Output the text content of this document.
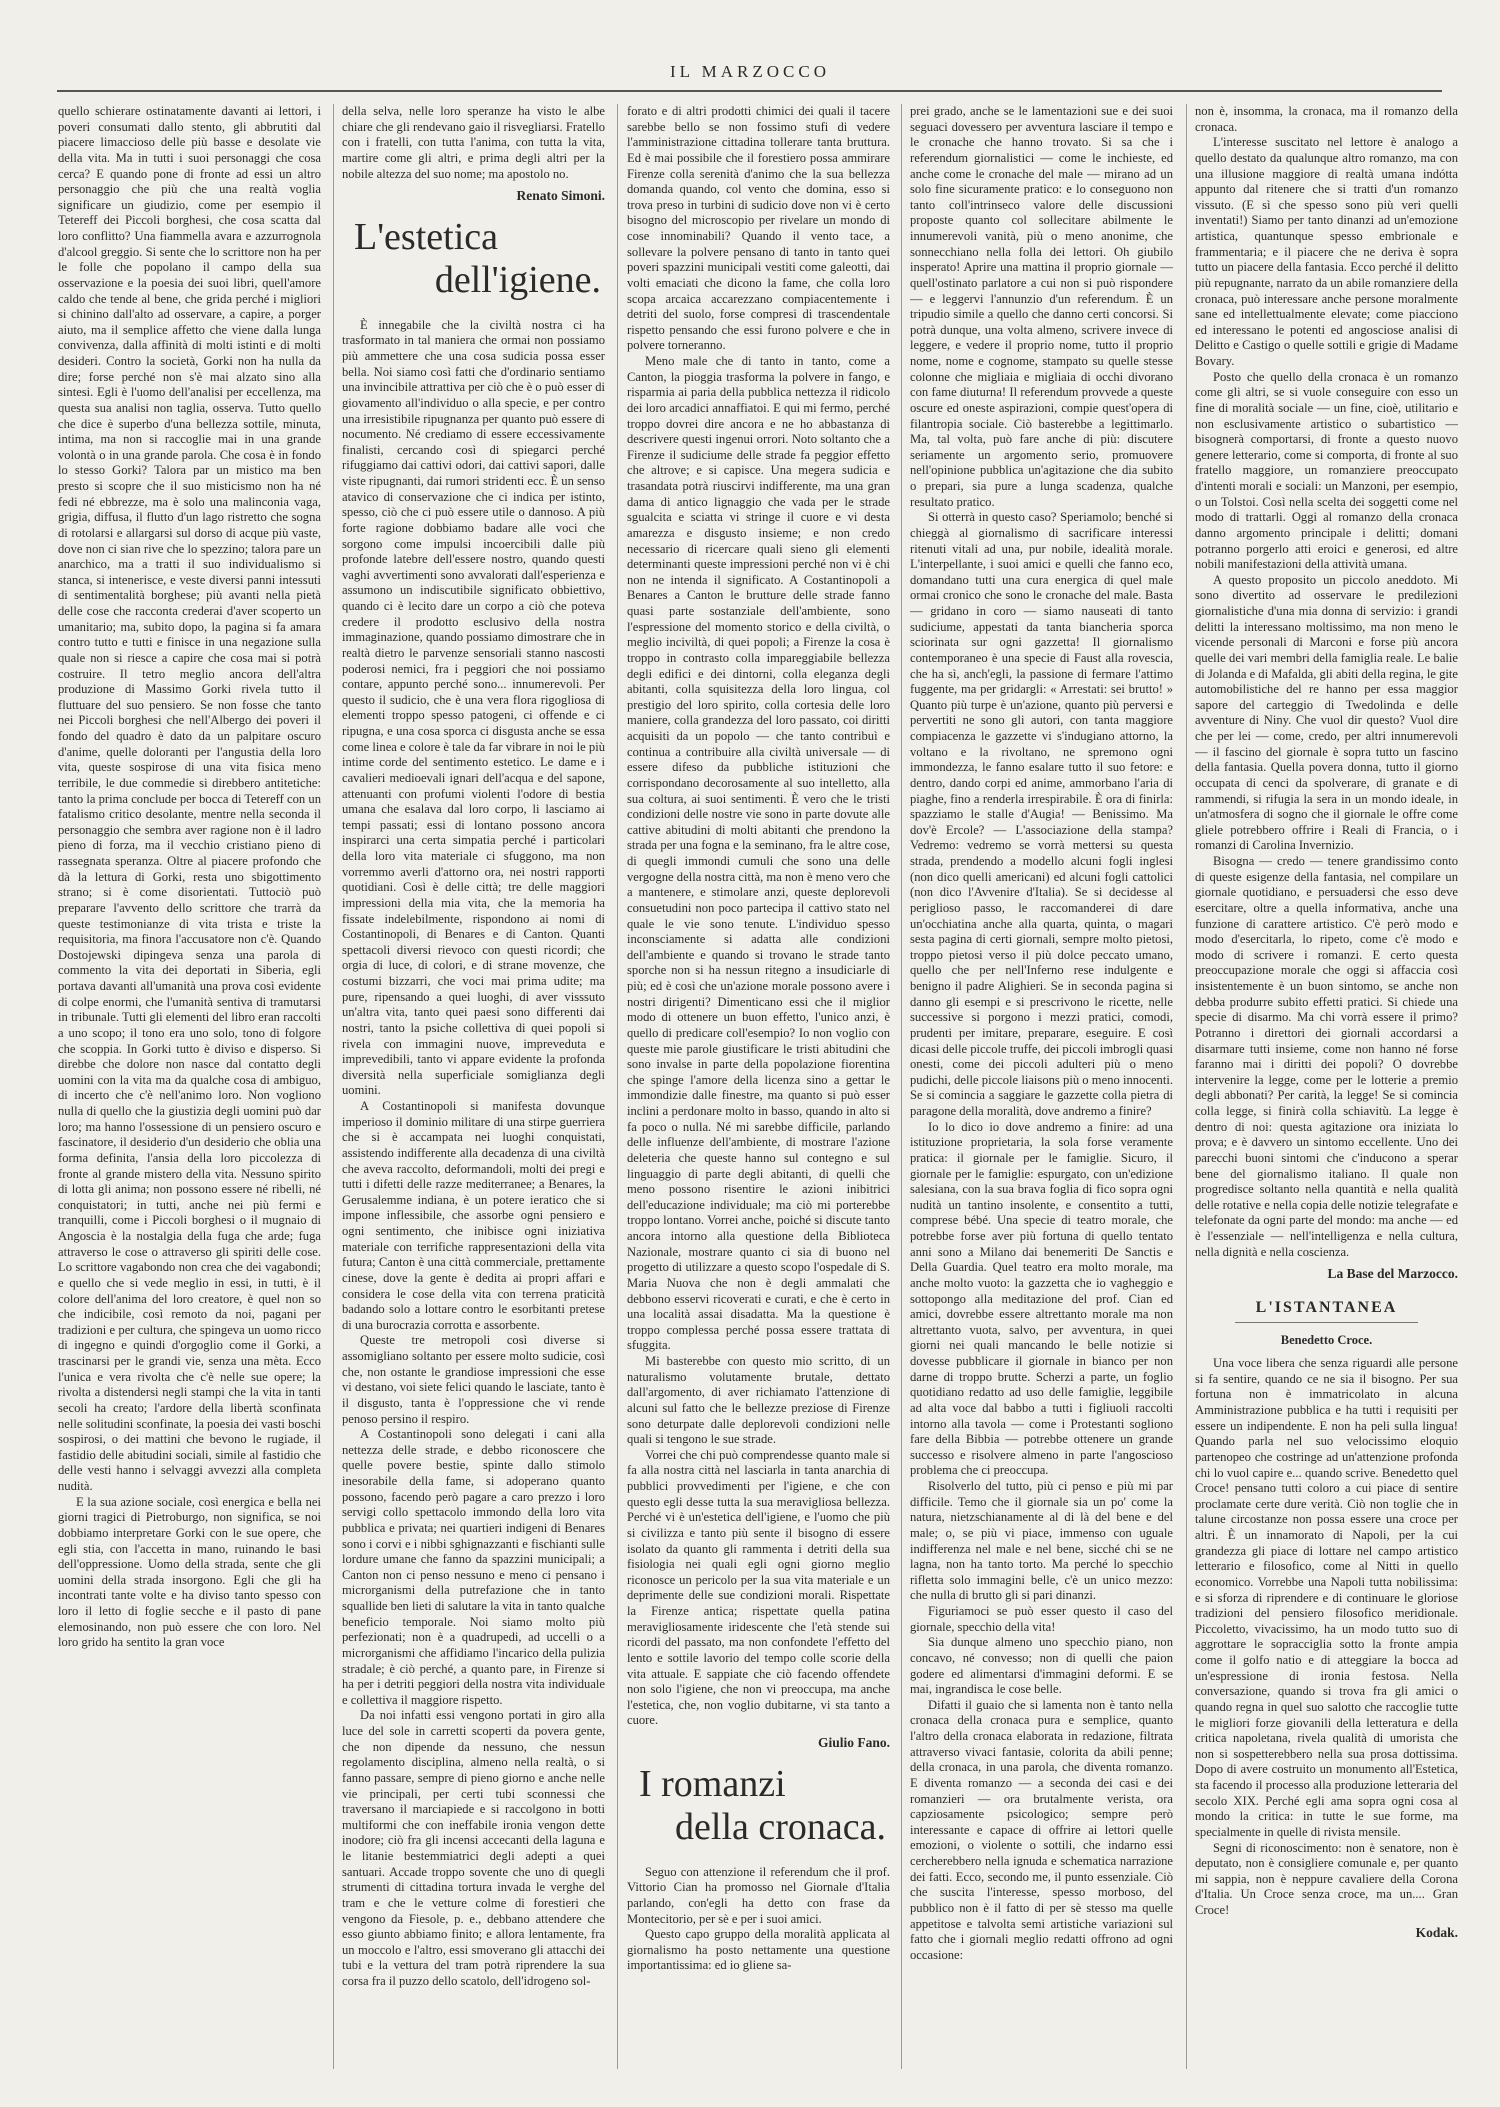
IL MARZOCCO

quello schierare ostinatamente davanti ai lettori, i poveri consumati dallo stento, gli abbrutiti dal piacere limaccioso delle più basse e desolate vie della vita. Ma in tutti i suoi personaggi che cosa cerca? E quando pone di fronte ad essi un altro personaggio che più che una realtà voglia significare un giudizio, come per esempio il Tetereff dei Piccoli borghesi, che cosa scatta dal loro conflitto? Una fiammella avara e azzurrognola d'alcool greggio. Si sente che lo scrittore non ha per le folle che popolano il campo della sua osservazione e la poesia dei suoi libri, quell'amore caldo che tende al bene, che grida perché i migliori si chinino dall'alto ad osservare, a capire, a porger aiuto, ma il semplice affetto che viene dalla lunga convivenza, dalla affinità di molti istinti e di molti desideri. Contro la società, Gorki non ha nulla da dire; forse perché non s'è mai alzato sino alla sintesi. Egli è l'uomo dell'analisi per eccellenza, ma questa sua analisi non taglia, osserva. Tutto quello che dice è superbo d'una bellezza sottile, minuta, intima, ma non si raccoglie mai in una grande volontà o in una grande parola. Che cosa è in fondo lo stesso Gorki? Talora par un mistico ma ben presto si scopre che il suo misticismo non ha né fedi né ebbrezze, ma è solo una malinconia vaga, grigia, diffusa, il flutto d'un lago ristretto che sogna di rotolarsi e allargarsi sul dorso di acque più vaste, dove non ci sian rive che lo spezzino; talora pare un anarchico, ma a tratti il suo individualismo si stanca, si intenerisce, e veste diversi panni intessuti di sentimentalità borghese; più avanti nella pietà delle cose che racconta crederai d'aver scoperto un umanitario; ma, subito dopo, la pagina si fa amara contro tutto e tutti e finisce in una negazione sulla quale non si riesce a capire che cosa mai si potrà costruire. Il tetro meglio ancora dell'altra produzione di Massimo Gorki rivela tutto il fluttuare del suo pensiero. Se non fosse che tanto nei Piccoli borghesi che nell'Albergo dei poveri il fondo del quadro è dato da un palpitare oscuro d'anime, quelle doloranti per l'angustia della loro vita, queste sospirose di una vita fisica meno terribile, le due commedie si direbbero antitetiche: tanto la prima conclude per bocca di Tetereff con un fatalismo critico desolante, mentre nella seconda il personaggio che sembra aver ragione non è il ladro pieno di forza, ma il vecchio cristiano pieno di rassegnata speranza. Oltre al piacere profondo che dà la lettura di Gorki, resta uno sbigottimento strano; si è come disorientati. Tuttociò può preparare l'avvento dello scrittore che trarrà da queste testimonianze di vita trista e triste la requisitoria, ma finora l'accusatore non c'è. Quando Dostojewski dipingeva senza una parola di commento la vita dei deportati in Siberia, egli portava davanti all'umanità una prova così evidente di colpe enormi, che l'umanità sentiva di tramutarsi in tribunale. Tutti gli elementi del libro eran raccolti a uno scopo; il tono era uno solo, tono di folgore che scoppia. In Gorki tutto è diviso e disperso. Si direbbe che dolore non nasce dal contatto degli uomini con la vita ma da qualche cosa di ambiguo, di incerto che c'è nell'animo loro. Non vogliono nulla di quello che la giustizia degli uomini può dar loro; ma hanno l'ossessione di un pensiero oscuro e fascinatore, il desiderio d'un desiderio che oblia una forma definita, l'ansia della loro piccolezza di fronte al grande mistero della vita. Nessuno spirito di lotta gli anima; non possono essere né ribelli, né conquistatori; in tutti, anche nei più fermi e tranquilli, come i Piccoli borghesi o il mugnaio di Angoscia è la nostalgia della fuga che arde; fuga attraverso le cose o attraverso gli spiriti delle cose. Lo scrittore vagabondo non crea che dei vagabondi; e quello che si vede meglio in essi, in tutti, è il colore dell'anima del loro creatore, è quel non so che indicibile, così remoto da noi, pagani per tradizioni e per cultura, che spingeva un uomo ricco di ingegno e quindi d'orgoglio come il Gorki, a trascinarsi per le grandi vie, senza una mèta. Ecco l'unica e vera rivolta che c'è nelle sue opere; la rivolta a distendersi negli stampi che la vita in tanti secoli ha creato; l'ardore della libertà sconfinata nelle solitudini sconfinate, la poesia dei vasti boschi sospirosi, o dei mattini che bevono le rugiade, il fastidio delle abitudini sociali, simile al fastidio che delle vesti hanno i selvaggi avvezzi alla completa nudità.

E la sua azione sociale, così energica e bella nei giorni tragici di Pietroburgo, non significa, se noi dobbiamo interpretare Gorki con le sue opere, che egli stia, con l'accetta in mano, ruinando le basi dell'oppressione. Uomo della strada, sente che gli uomini della strada insorgono. Egli che gli ha incontrati tante volte e ha diviso tanto spesso con loro il letto di foglie secche e il pasto di pane elemosinando, non può essere che con loro. Nel loro grido ha sentito la gran voce

della selva, nelle loro speranze ha visto le albe chiare che gli rendevano gaio il risvegliarsi. Fratello con i fratelli, con tutta l'anima, con tutta la vita, martire come gli altri, e prima degli altri per la nobile altezza del suo nome; ma apostolo no.

Renato Simoni.
L'estetica
dell'igiene.

È innegabile che la civiltà nostra ci ha trasformato in tal maniera che ormai non possiamo più ammettere che una cosa sudicia possa esser bella. Noi siamo così fatti che d'ordinario sentiamo una invincibile attrattiva per ciò che è o può esser di giovamento all'individuo o alla specie, e per contro una irresistibile ripugnanza per quanto può essere di nocumento. Né crediamo di essere eccessivamente finalisti, cercando così di spiegarci perché rifuggiamo dai cattivi odori, dai cattivi sapori, dalle viste ripugnanti, dai rumori stridenti ecc. È un senso atavico di conservazione che ci indica per istinto, spesso, ciò che ci può essere utile o dannoso. A più forte ragione dobbiamo badare alle voci che sorgono come impulsi incoercibili dalle più profonde latebre dell'essere nostro, quando questi vaghi avvertimenti sono avvalorati dall'esperienza e assumono un indiscutibile significato obbiettivo, quando ci è lecito dare un corpo a ciò che poteva credere il prodotto esclusivo della nostra immaginazione, quando possiamo dimostrare che in realtà dietro le parvenze sensoriali stanno nascosti poderosi nemici, fra i peggiori che noi possiamo contare, appunto perché sono... innumerevoli. Per questo il sudicio, che è una vera flora rigogliosa di elementi troppo spesso patogeni, ci offende e ci ripugna, e una cosa sporca ci disgusta anche se essa come linea e colore è tale da far vibrare in noi le più intime corde del sentimento estetico. Le dame e i cavalieri medioevali ignari dell'acqua e del sapone, attenuanti con profumi violenti l'odore di bestia umana che esalava dal loro corpo, li lasciamo ai tempi passati; essi di lontano possono ancora inspirarci una certa simpatia perché i particolari della loro vita materiale ci sfuggono, ma non vorremmo averli d'attorno ora, nei nostri rapporti quotidiani. Così è delle città; tre delle maggiori impressioni della mia vita, che la memoria ha fissate indelebilmente, rispondono ai nomi di Costantinopoli, di Benares e di Canton. Quanti spettacoli diversi rievoco con questi ricordi; che orgia di luce, di colori, e di strane movenze, che costumi bizzarri, che voci mai prima udite; ma pure, ripensando a quei luoghi, di aver visssuto un'altra vita, tanto quei paesi sono differenti dai nostri, tanto la psiche collettiva di quei popoli si rivela con immagini nuove, impreveduta e imprevedibili, tanto vi appare evidente la profonda diversità nella superficiale somiglianza degli uomini.

A Costantinopoli si manifesta dovunque imperioso il dominio militare di una stirpe guerriera che si è accampata nei luoghi conquistati, assistendo indifferente alla decadenza di una civiltà che aveva raccolto, deformandoli, molti dei pregi e tutti i difetti delle razze mediterranee; a Benares, la Gerusalemme indiana, è un potere ieratico che si impone inflessibile, che assorbe ogni pensiero e ogni sentimento, che inibisce ogni iniziativa materiale con terrifiche rappresentazioni della vita futura; Canton è una città commerciale, prettamente cinese, dove la gente è dedita ai propri affari e considera le cose della vita con terrena praticità badando solo a lottare contro le esorbitanti pretese di una burocrazia corrotta e assorbente.

Queste tre metropoli così diverse si assomigliano soltanto per essere molto sudicie, così che, non ostante le grandiose impressioni che esse vi destano, voi siete felici quando le lasciate, tanto è il disgusto, tanta è l'oppressione che vi rende penoso persino il respiro.

A Costantinopoli sono delegati i cani alla nettezza delle strade, e debbo riconoscere che quelle povere bestie, spinte dallo stimolo inesorabile della fame, si adoperano quanto possono, facendo però pagare a caro prezzo i loro servigi collo spettacolo immondo della loro vita pubblica e privata; nei quartieri indigeni di Benares sono i corvi e i nibbi sghignazzanti e fischianti sulle lordure umane che fanno da spazzini municipali; a Canton non ci penso nessuno e meno ci pensano i microrganismi della putrefazione che in tanto squallide ben lieti di salutare la vita in tanto qualche beneficio temporale. Noi siamo molto più perfezionati; non è a quadrupedi, ad uccelli o a microrganismi che affidiamo l'incarico della pulizia stradale; è ciò perché, a quanto pare, in Firenze si ha per i detriti peggiori della nostra vita individuale e collettiva il maggiore rispetto.

Da noi infatti essi vengono portati in giro alla luce del sole in carretti scoperti da povera gente, che non dipende da nessuno, che nessun regolamento disciplina, almeno nella realtà, o si fanno passare, sempre di pieno giorno e anche nelle vie principali, per certi tubi sconnessi che traversano il marciapiede e si raccolgono in botti multiformi che con ineffabile ironia vengon dette inodore; ciò fra gli incensi accecanti della laguna e le litanie bestemmiatrici degli adepti a quei santuari. Accade troppo sovente che uno di quegli strumenti di cittadina tortura invada le verghe del tram e che le vetture colme di forestieri che vengono da Fiesole, p. e., debbano attendere che esso giunto abbiamo finito; e allora lentamente, fra un moccolo e l'altro, essi smoverano gli attacchi dei tubi e la vettura del tram potrà riprendere la sua corsa fra il puzzo dello scatolo, dell'idrogeno sol-

forato e di altri prodotti chimici dei quali il tacere sarebbe bello se non fossimo stufi di vedere l'amministrazione cittadina tollerare tanta bruttura. Ed è mai possibile che il forestiero possa ammirare Firenze colla serenità d'animo che la sua bellezza domanda quando, col vento che domina, esso si trova preso in turbini di sudicio dove non vi è certo bisogno del microscopio per rivelare un mondo di cose innominabili? Quando il vento tace, a sollevare la polvere pensano di tanto in tanto quei poveri spazzini municipali vestiti come galeotti, dai volti emaciati che dicono la fame, che colla loro scopa arcaica accarezzano compiacentemente i detriti del suolo, forse compresi di trascendentale rispetto pensando che essi furono polvere e che in polvere torneranno.

Meno male che di tanto in tanto, come a Canton, la pioggia trasforma la polvere in fango, e risparmia ai paria della pubblica nettezza il ridicolo dei loro arcadici annaffiatoi. E qui mi fermo, perché troppo dovrei dire ancora e ne ho abbastanza di descrivere questi ingenui orrori. Noto soltanto che a Firenze il sudiciume delle strade fa peggior effetto che altrove; e si capisce. Una megera sudicia e trasandata potrà riuscirvi indifferente, ma una gran dama di antico lignaggio che vada per le strade sgualcita e sciatta vi stringe il cuore e vi desta amarezza e disgusto insieme; e non credo necessario di ricercare quali sieno gli elementi determinanti queste impressioni perché non vi è chi non ne intenda il significato. A Costantinopoli a Benares a Canton le brutture delle strade fanno quasi parte sostanziale dell'ambiente, sono l'espressione del momento storico e della civiltà, o meglio inciviltà, di quei popoli; a Firenze la cosa è troppo in contrasto colla impareggiabile bellezza degli edifici e dei dintorni, colla eleganza degli abitanti, colla squisitezza della loro lingua, col prestigio del loro spirito, colla cortesia delle loro maniere, colla grandezza del loro passato, coi diritti acquisiti da un popolo — che tanto contribuì e continua a contribuire alla civiltà universale — di essere difeso da pubbliche istituzioni che corrispondano decorosamente al suo intelletto, alla sua coltura, ai suoi sentimenti. È vero che le tristi condizioni delle nostre vie sono in parte dovute alle cattive abitudini di molti abitanti che prendono la strada per una fogna e la seminano, fra le altre cose, di quegli immondi cumuli che sono una delle vergogne della nostra città, ma non è meno vero che a mantenere, e stimolare anzi, queste deplorevoli consuetudini non poco partecipa il cattivo stato nel quale le vie sono tenute. L'individuo spesso inconsciamente si adatta alle condizioni dell'ambiente e quando si trovano le strade tanto sporche non si ha nessun ritegno a insudiciarle di più; ed è così che un'azione morale possono avere i nostri dirigenti? Dimenticano essi che il miglior modo di ottenere un buon effetto, l'unico anzi, è quello di predicare coll'esempio? Io non voglio con queste mie parole giustificare le tristi abitudini che sono invalse in parte della popolazione fiorentina che spinge l'amore della licenza sino a gettar le immondizie dalle finestre, ma quanto si può esser inclini a perdonare molto in basso, quando in alto si fa poco o nulla. Né mi sarebbe difficile, parlando delle influenze dell'ambiente, di mostrare l'azione deleteria che queste hanno sul contegno e sul linguaggio di parte degli abitanti, di quelli che meno possono risentire le azioni inibitrici dell'educazione individuale; ma ciò mi porterebbe troppo lontano. Vorrei anche, poiché si discute tanto ancora intorno alla questione della Biblioteca Nazionale, mostrare quanto ci sia di buono nel progetto di utilizzare a questo scopo l'ospedale di S. Maria Nuova che non è degli ammalati che debbono esservi ricoverati e curati, e che è certo in una località assai disadatta. Ma la questione è troppo complessa perché possa essere trattata di sfuggita.

Mi basterebbe con questo mio scritto, di un naturalismo volutamente brutale, dettato dall'argomento, di aver richiamato l'attenzione di alcuni sul fatto che le bellezze preziose di Firenze sono deturpate dalle deplorevoli condizioni nelle quali si tengono le sue strade.

Vorrei che chi può comprendesse quanto male si fa alla nostra città nel lasciarla in tanta anarchia di pubblici provvedimenti per l'igiene, e che con questo egli desse tutta la sua meravigliosa bellezza. Perché vi è un'estetica dell'igiene, e l'uomo che più si civilizza e tanto più sente il bisogno di essere isolato da quanto gli rammenta i detriti della sua fisiologia nei quali egli ogni giorno meglio riconosce un pericolo per la sua vita materiale e un deprimente delle sue condizioni morali. Rispettate la Firenze antica; rispettate quella patina meravigliosamente iridescente che l'età stende sui ricordi del passato, ma non confondete l'effetto del lento e sottile lavorio del tempo colle scorie della vita attuale. E sappiate che ciò facendo offendete non solo l'igiene, che non vi preoccupa, ma anche l'estetica, che, non voglio dubitarne, vi sta tanto a cuore.

Giulio Fano.
I romanzi
della cronaca.

Seguo con attenzione il referendum che il prof. Vittorio Cian ha promosso nel Giornale d'Italia parlando, con'egli ha detto con frase da Montecitorio, per sè e per i suoi amici.

Questo capo gruppo della moralità applicata al giornalismo ha posto nettamente una questione importantissima: ed io gliene sa-

prei grado, anche se le lamentazioni sue e dei suoi seguaci dovessero per avventura lasciare il tempo e le cronache che hanno trovato. Si sa che i referendum giornalistici — come le inchieste, ed anche come le cronache del male — mirano ad un solo fine sicuramente pratico: e lo conseguono non tanto coll'intrinseco valore delle discussioni proposte quanto col sollecitare abilmente le innumerevoli vanità, più o meno anonime, che sonnecchiano nella folla dei lettori. Oh giubilo insperato! Aprire una mattina il proprio giornale — quell'ostinato parlatore a cui non si può rispondere — e leggervi l'annunzio d'un referendum. È un tripudio simile a quello che danno certi concorsi. Si potrà dunque, una volta almeno, scrivere invece di leggere, e vedere il proprio nome, tutto il proprio nome, nome e cognome, stampato su quelle stesse colonne che migliaia e migliaia di occhi divorano con fame diuturna! Il referendum provvede a queste oscure ed oneste aspirazioni, compie quest'opera di filantropia sociale. Ciò basterebbe a legittimarlo. Ma, tal volta, può fare anche di più: discutere seriamente un argomento serio, promuovere nell'opinione pubblica un'agitazione che dia subito o prepari, sia pure a lunga scadenza, qualche resultato pratico.

Si otterrà in questo caso? Speriamolo; benché si chieggà al giornalismo di sacrificare interessi ritenuti vitali ad una, pur nobile, idealità morale. L'interpellante, i suoi amici e quelli che fanno eco, domandano tutti una cura energica di quel male ormai cronico che sono le cronache del male. Basta — gridano in coro — siamo nauseati di tanto sudiciume, appestati da tanta biancheria sporca sciorinata sur ogni gazzetta! Il giornalismo contemporaneo è una specie di Faust alla rovescia, che ha sì, anch'egli, la passione di fermare l'attimo fuggente, ma per gridargli: « Arrestati: sei brutto! » Quanto più turpe è un'azione, quanto più perversi e pervertiti ne sono gli autori, con tanta maggiore compiacenza le gazzette vi s'indugiano attorno, la voltano e la rivoltano, ne spremono ogni immondezza, le fanno esalare tutto il suo fetore: e dentro, dando corpi ed anime, ammorbano l'aria di piaghe, fino a renderla irrespirabile. È ora di finirla: spazziamo le stalle d'Augia! — Benissimo. Ma dov'è Ercole? — L'associazione della stampa? Vedremo: vedremo se vorrà mettersi su questa strada, prendendo a modello alcuni fogli inglesi (non dico quelli americani) ed alcuni fogli cattolici (non dico l'Avvenire d'Italia). Se si decidesse al periglioso passo, le raccomanderei di dare un'occhiatina anche alla quarta, quinta, o magari sesta pagina di certi giornali, sempre molto pietosi, troppo pietosi verso il più dolce peccato umano, quello che per nell'Inferno rese indulgente e benigno il padre Alighieri. Se in seconda pagina si danno gli esempi e si prescrivono le ricette, nelle successive si porgono i mezzi pratici, comodi, prudenti per imitare, preparare, eseguire. E così dicasi delle piccole truffe, dei piccoli imbrogli quasi onesti, come dei piccoli adulteri più o meno pudichi, delle piccole liaisons più o meno innocenti. Se si comincia a saggiare le gazzette colla pietra di paragone della moralità, dove andremo a finire?

Io lo dico io dove andremo a finire: ad una istituzione proprietaria, la sola forse veramente pratica: il giornale per le famiglie. Sicuro, il giornale per le famiglie: espurgato, con un'edizione salesiana, con la sua brava foglia di fico sopra ogni nudità un tantino insolente, e consentito a tutti, comprese bébé. Una specie di teatro morale, che potrebbe forse aver più fortuna di quello tentato anni sono a Milano dai benemeriti De Sanctis e Della Guardia. Quel teatro era molto morale, ma anche molto vuoto: la gazzetta che io vagheggio e sottopongo alla meditazione del prof. Cian ed amici, dovrebbe essere altrettanto morale ma non altrettanto vuota, salvo, per avventura, in quei giorni nei quali mancando le belle notizie si dovesse pubblicare il giornale in bianco per non darne di troppo brutte. Scherzi a parte, un foglio quotidiano redatto ad uso delle famiglie, leggibile ad alta voce dal babbo a tutti i figliuoli raccolti intorno alla tavola — come i Protestanti sogliono fare della Bibbia — potrebbe ottenere un grande successo e risolvere almeno in parte l'angoscioso problema che ci preoccupa.

Risolverlo del tutto, più ci penso e più mi par difficile. Temo che il giornale sia un po' come la natura, nietzschianamente al di là del bene e del male; o, se più vi piace, immenso con uguale indifferenza nel male e nel bene, sicché chi se ne lagna, non ha tanto torto. Ma perché lo specchio rifletta solo immagini belle, c'è un unico mezzo: che nulla di brutto gli si pari dinanzi.

Figuriamoci se può esser questo il caso del giornale, specchio della vita!

Sia dunque almeno uno specchio piano, non concavo, né convesso; non di quelli che paion godere ed alimentarsi d'immagini deformi. E se mai, ingrandisca le cose belle.

Difatti il guaio che si lamenta non è tanto nella cronaca della cronaca pura e semplice, quanto l'altro della cronaca elaborata in redazione, filtrata attraverso vivaci fantasie, colorita da abili penne; della cronaca, in una parola, che diventa romanzo. E diventa romanzo — a seconda dei casi e dei romanzieri — ora brutalmente verista, ora capziosamente psicologico; sempre però interessante e capace di offrire ai lettori quelle emozioni, o violente o sottili, che indarno essi cercherebbero nella ignuda e schematica narrazione dei fatti. Ecco, secondo me, il punto essenziale. Ciò che suscita l'interesse, spesso morboso, del pubblico non è il fatto di per sè stesso ma quelle appetitose e talvolta semi artistiche variazioni sul fatto che i giornali meglio redatti offrono ad ogni occasione:

non è, insomma, la cronaca, ma il romanzo della cronaca.

L'interesse suscitato nel lettore è analogo a quello destato da qualunque altro romanzo, ma con una illusione maggiore di realtà umana indótta appunto dal ritenere che si tratti d'un romanzo vissuto. (E sì che spesso sono più veri quelli inventati!) Siamo per tanto dinanzi ad un'emozione artistica, quantunque spesso embrionale e frammentaria; e il piacere che ne deriva è sopra tutto un piacere della fantasia. Ecco perché il delitto più repugnante, narrato da un abile romanziere della cronaca, può interessare anche persone moralmente sane ed intellettualmente elevate; come piacciono ed interessano le potenti ed angosciose analisi di Delitto e Castigo o quelle sottili e grigie di Madame Bovary.

Posto che quello della cronaca è un romanzo come gli altri, se si vuole conseguire con esso un fine di moralità sociale — un fine, cioè, utilitario e non esclusivamente artistico o subartistico — bisognerà comportarsi, di fronte a questo nuovo genere letterario, come si comporta, di fronte al suo fratello maggiore, un romanziere preoccupato d'intenti morali e sociali: un Manzoni, per esempio, o un Tolstoi. Così nella scelta dei soggetti come nel modo di trattarli. Oggi al romanzo della cronaca danno argomento principale i delitti; domani potranno porgerlo atti eroici e generosi, ed altre nobili manifestazioni della attività umana.

A questo proposito un piccolo aneddoto. Mi sono divertito ad osservare le predilezioni giornalistiche d'una mia donna di servizio: i grandi delitti la interessano moltissimo, ma non meno le vicende personali di Marconi e forse più ancora quelle dei vari membri della famiglia reale. Le balie di Jolanda e di Mafalda, gli abiti della regina, le gite automobilistiche del re hanno per essa maggior sapore del carteggio di Twedolinda e delle avventure di Niny. Che vuol dir questo? Vuol dire che per lei — come, credo, per altri innumerevoli — il fascino del giornale è sopra tutto un fascino della fantasia. Quella povera donna, tutto il giorno occupata di cenci da spolverare, di granate e di rammendi, si rifugia la sera in un mondo ideale, in un'atmosfera di sogno che il giornale le offre come gliele potrebbero offrire i Reali di Francia, o i romanzi di Carolina Invernizio.

Bisogna — credo — tenere grandissimo conto di queste esigenze della fantasia, nel compilare un giornale quotidiano, e persuadersi che esso deve esercitare, oltre a quella informativa, anche una funzione di carattere artistico. C'è però modo e modo d'esercitarla, lo ripeto, come c'è modo e modo di scrivere i romanzi. E certo questa preoccupazione morale che oggi si affaccia così insistentemente è un buon sintomo, se anche non debba produrre subito effetti pratici. Si chiede una specie di disarmo. Ma chi vorrà essere il primo? Potranno i direttori dei giornali accordarsi a disarmare tutti insieme, come non hanno né forse faranno mai i diritti dei popoli? O dovrebbe intervenire la legge, come per le lotterie a premio degli abbonati? Per carità, la legge! Se si comincia colla legge, si finirà colla schiavitù. La legge è dentro di noi: questa agitazione ora iniziata lo prova; e è davvero un sintomo eccellente. Uno dei parecchi buoni sintomi che c'inducono a sperar bene del giornalismo italiano. Il quale non progredisce soltanto nella quantità e nella qualità delle rotative e nella copia delle notizie telegrafate e telefonate da ogni parte del mondo: ma anche — ed è l'essenziale — nell'intelligenza e nella cultura, nella dignità e nella coscienza.

La Base del Marzocco.
L'ISTANTANEA
Benedetto Croce.

Una voce libera che senza riguardi alle persone si fa sentire, quando ce ne sia il bisogno. Per sua fortuna non è immatricolato in alcuna Amministrazione pubblica e ha tutti i requisiti per essere un indipendente. E non ha peli sulla lingua! Quando parla nel suo velocissimo eloquio partenopeo che costringe ad un'attenzione profonda chi lo vuol capire e... quando scrive. Benedetto quel Croce! pensano tutti coloro a cui piace di sentire proclamate certe dure verità. Ciò non toglie che in talune circostanze non possa essere una croce per altri. È un innamorato di Napoli, per la cui grandezza gli piace di lottare nel campo artistico letterario e filosofico, come al Nitti in quello economico. Vorrebbe una Napoli tutta nobilissima: e si sforza di riprendere e di continuare le gloriose tradizioni del pensiero filosofico meridionale. Piccoletto, vivacissimo, ha un modo tutto suo di aggrottare le sopracciglia sotto la fronte ampia come il golfo natio e di atteggiare la bocca ad un'espressione di ironia festosa. Nella conversazione, quando si trova fra gli amici o quando regna in quel suo salotto che raccoglie tutte le migliori forze giovanili della letteratura e della critica napoletana, rivela qualità di umorista che non si sospetterebbero nella sua prosa dottissima. Dopo di avere costruito un monumento all'Estetica, sta facendo il processo alla produzione letteraria del secolo XIX. Perché egli ama sopra ogni cosa al mondo la critica: in tutte le sue forme, ma specialmente in quelle di rivista mensile.

Segni di riconoscimento: non è senatore, non è deputato, non è consigliere comunale e, per quanto mi sappia, non è neppure cavaliere della Corona d'Italia. Un Croce senza croce, ma un.... Gran Croce!

Kodak.
